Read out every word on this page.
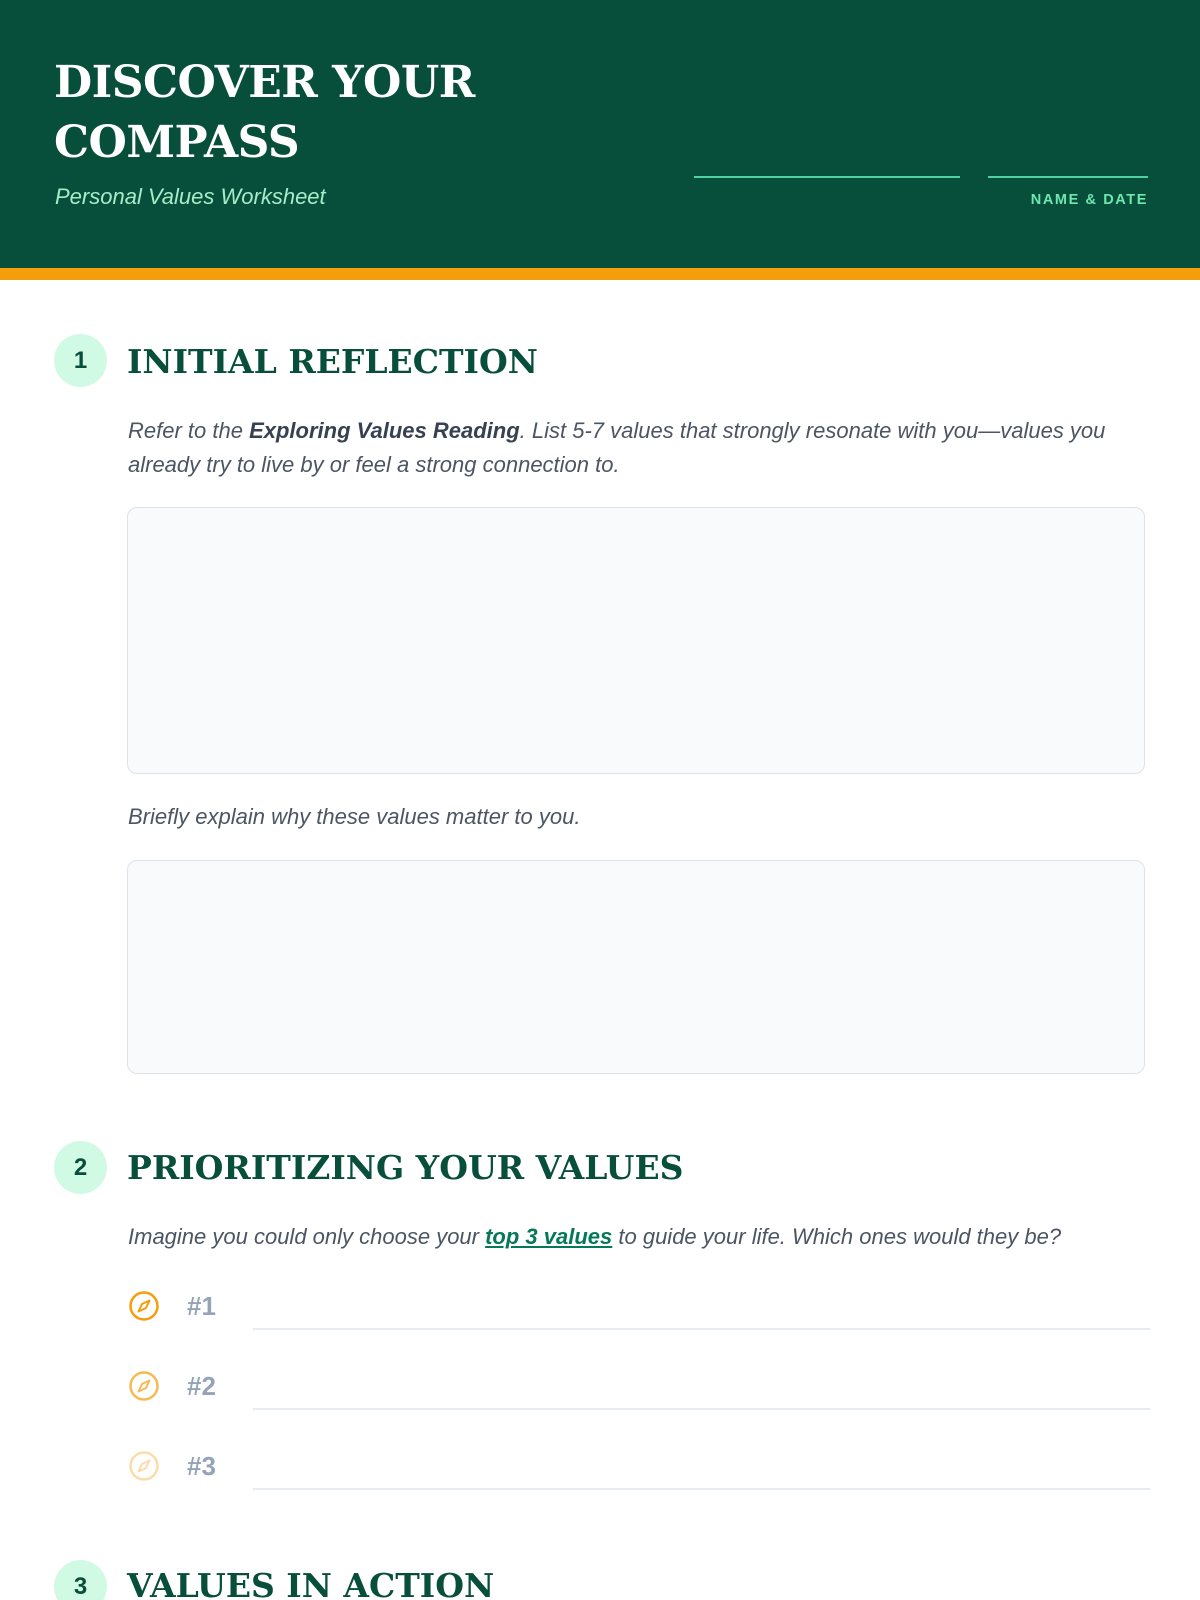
DISCOVER YOUR COMPASS
Personal Values Worksheet	NAME & DATE
1	INITIAL REFLECTION

Refer to the Exploring Values Reading. List 5-7 values that strongly resonate with you—values you already try to live by or feel a strong connection to.

Briefly explain why these values matter to you.

2	PRIORITIZING YOUR VALUES

Imagine you could only choose your top 3 values to guide your life. Which ones would they be?

#1
#2
#3
3	VALUES IN ACTION
